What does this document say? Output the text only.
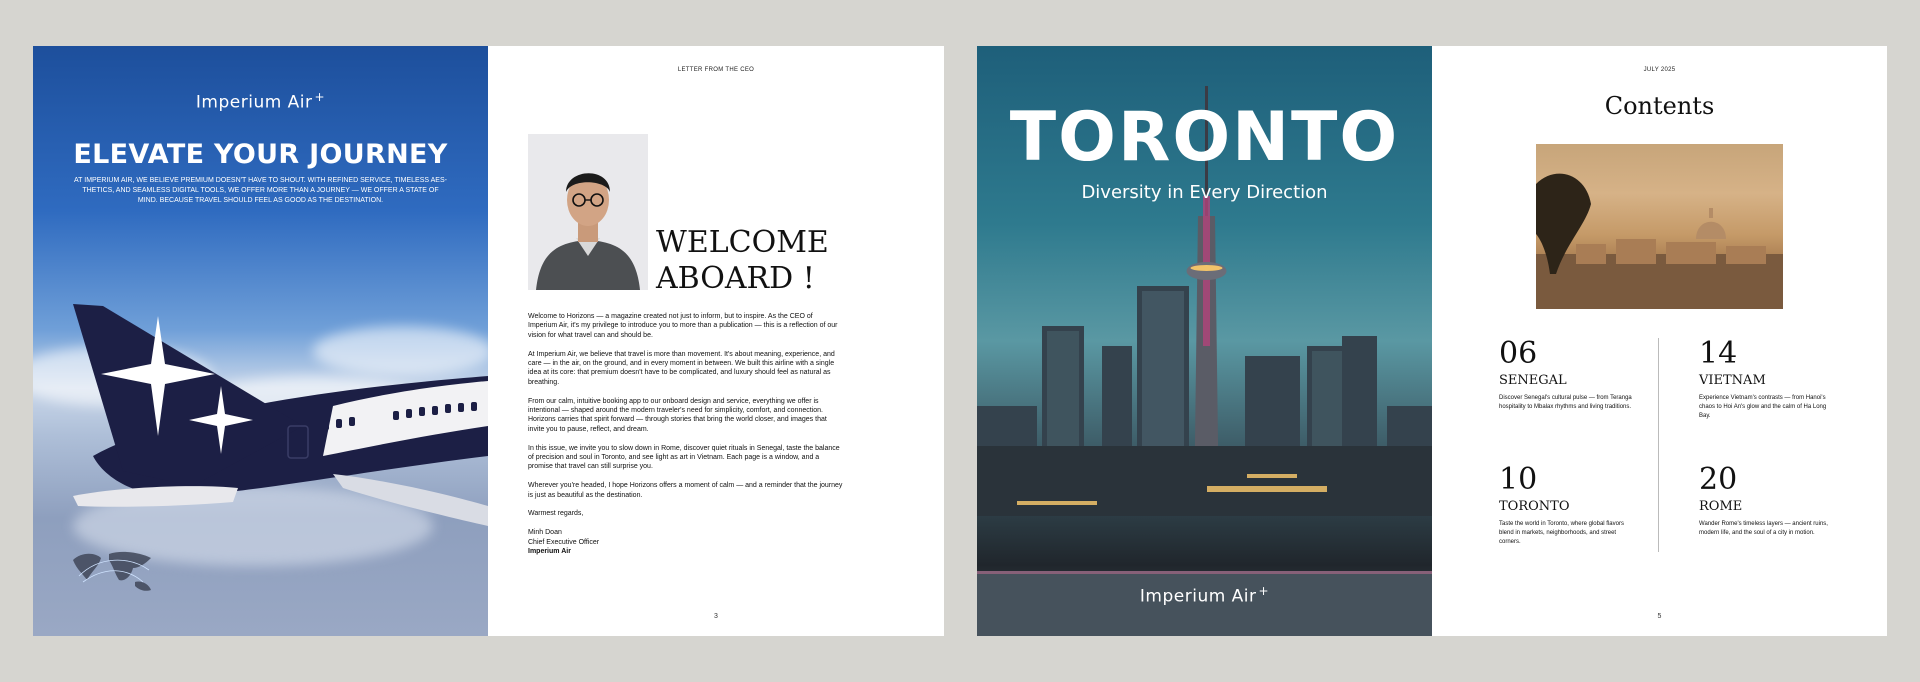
Imperium Air +
ELEVATE YOUR JOURNEY
AT IMPERIUM AIR, WE BELIEVE PREMIUM DOESN'T HAVE TO SHOUT. WITH REFINED SERVICE, TIMELESS AES-THETICS, AND SEAMLESS DIGITAL TOOLS, WE OFFER MORE THAN A JOURNEY — WE OFFER A STATE OF MIND. BECAUSE TRAVEL SHOULD FEEL AS GOOD AS THE DESTINATION.
LETTER FROM THE CEO
WELCOME
ABOARD !

Welcome to Horizons — a magazine created not just to inform, but to inspire. As the CEO of Imperium Air, it's my privilege to introduce you to more than a publication — this is a reflection of our vision for what travel can and should be.

At Imperium Air, we believe that travel is more than movement. It's about meaning, experience, and care — in the air, on the ground, and in every moment in between. We built this airline with a single idea at its core: that premium doesn't have to be complicated, and luxury should feel as natural as breathing.

From our calm, intuitive booking app to our onboard design and service, everything we offer is intentional — shaped around the modern traveler's need for simplicity, comfort, and connection. Horizons carries that spirit forward — through stories that bring the world closer, and images that invite you to pause, reflect, and dream.

In this issue, we invite you to slow down in Rome, discover quiet rituals in Senegal, taste the balance of precision and soul in Toronto, and see light as art in Vietnam. Each page is a window, and a promise that travel can still surprise you.

Wherever you're headed, I hope Horizons offers a moment of calm — and a reminder that the journey is just as beautiful as the destination.

Warmest regards,

Minh Doan
Chief Executive Officer
Imperium Air
3
TORONTO
Diversity in Every Direction
Imperium Air +
JULY 2025
Contents
06
SENEGAL
Discover Senegal's cultural pulse — from Teranga hospitality to Mbalax rhythms and living traditions.
14
VIETNAM
Experience Vietnam's contrasts — from Hanoi's chaos to Hoi An's glow and the calm of Ha Long Bay.
10
TORONTO
Taste the world in Toronto, where global flavors blend in markets, neighborhoods, and street corners.
20
ROME
Wander Rome's timeless layers — ancient ruins, modern life, and the soul of a city in motion.
5
